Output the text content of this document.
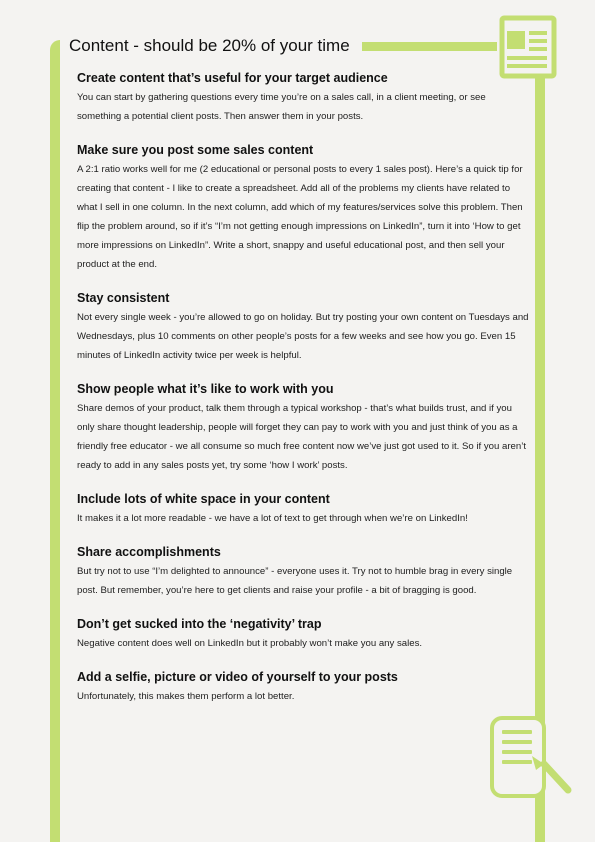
Content - should be 20% of your time
Create content that’s useful for your target audience

You can start by gathering questions every time you’re on a sales call, in a client meeting, or see something a potential client posts. Then answer them in your posts.

Make sure you post some sales content

A 2:1 ratio works well for me (2 educational or personal posts to every 1 sales post). Here’s a quick tip for creating that content - I like to create a spreadsheet. Add all of the problems my clients have related to what I sell in one column. In the next column, add which of my features/services solve this problem. Then flip the problem around, so if it’s “I’m not getting enough impressions on LinkedIn”, turn it into ‘How to get more impressions on LinkedIn”. Write a short, snappy and useful educational post, and then sell your product at the end.

Stay consistent

Not every single week - you’re allowed to go on holiday. But try posting your own content on Tuesdays and Wednesdays, plus 10 comments on other people’s posts for a few weeks and see how you go. Even 15 minutes of LinkedIn activity twice per week is helpful.

Show people what it’s like to work with you

Share demos of your product, talk them through a typical workshop - that’s what builds trust, and if you only share thought leadership, people will forget they can pay to work with you and just think of you as a friendly free educator - we all consume so much free content now we’ve just got used to it. So if you aren’t ready to add in any sales posts yet, try some ‘how I work’ posts.

Include lots of white space in your content

It makes it a lot more readable - we have a lot of text to get through when we’re on LinkedIn!

Share accomplishments

But try not to use “I’m delighted to announce” - everyone uses it. Try not to humble brag in every single post. But remember, you’re here to get clients and raise your profile - a bit of bragging is good.

Don’t get sucked into the ‘negativity’ trap

Negative content does well on LinkedIn but it probably won’t make you any sales.

Add a selfie, picture or video of yourself to your posts

Unfortunately, this makes them perform a lot better.
